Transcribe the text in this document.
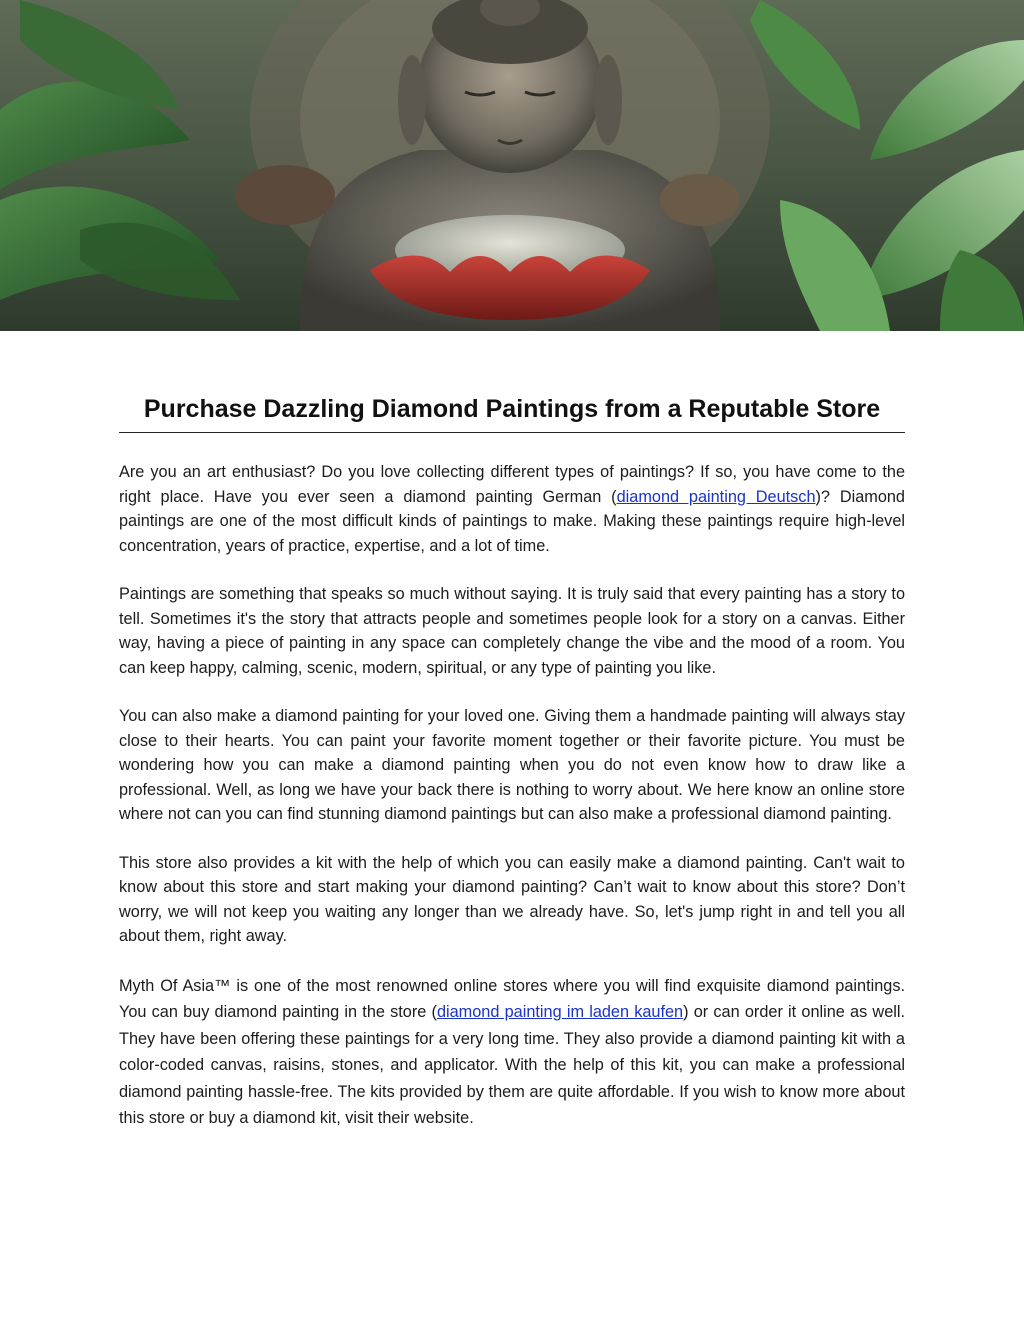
Purchase Dazzling Diamond Paintings from a Reputable Store

Are you an art enthusiast? Do you love collecting different types of paintings? If so, you have come to the right place. Have you ever seen a diamond painting German (diamond painting Deutsch)? Diamond paintings are one of the most difficult kinds of paintings to make. Making these paintings require high-level concentration, years of practice, expertise, and a lot of time.

Paintings are something that speaks so much without saying. It is truly said that every painting has a story to tell. Sometimes it's the story that attracts people and sometimes people look for a story on a canvas. Either way, having a piece of painting in any space can completely change the vibe and the mood of a room. You can keep happy, calming, scenic, modern, spiritual, or any type of painting you like.

You can also make a diamond painting for your loved one. Giving them a handmade painting will always stay close to their hearts. You can paint your favorite moment together or their favorite picture. You must be wondering how you can make a diamond painting when you do not even know how to draw like a professional. Well, as long we have your back there is nothing to worry about. We here know an online store where not can you can find stunning diamond paintings but can also make a professional diamond painting.

This store also provides a kit with the help of which you can easily make a diamond painting. Can't wait to know about this store and start making your diamond painting? Can’t wait to know about this store? Don’t worry, we will not keep you waiting any longer than we already have. So, let's jump right in and tell you all about them, right away.

Myth Of Asia™ is one of the most renowned online stores where you will find exquisite diamond paintings. You can buy diamond painting in the store (diamond painting im laden kaufen) or can order it online as well. They have been offering these paintings for a very long time. They also provide a diamond painting kit with a color-coded canvas, raisins, stones, and applicator. With the help of this kit, you can make a professional diamond painting hassle-free. The kits provided by them are quite affordable. If you wish to know more about this store or buy a diamond kit, visit their website.
